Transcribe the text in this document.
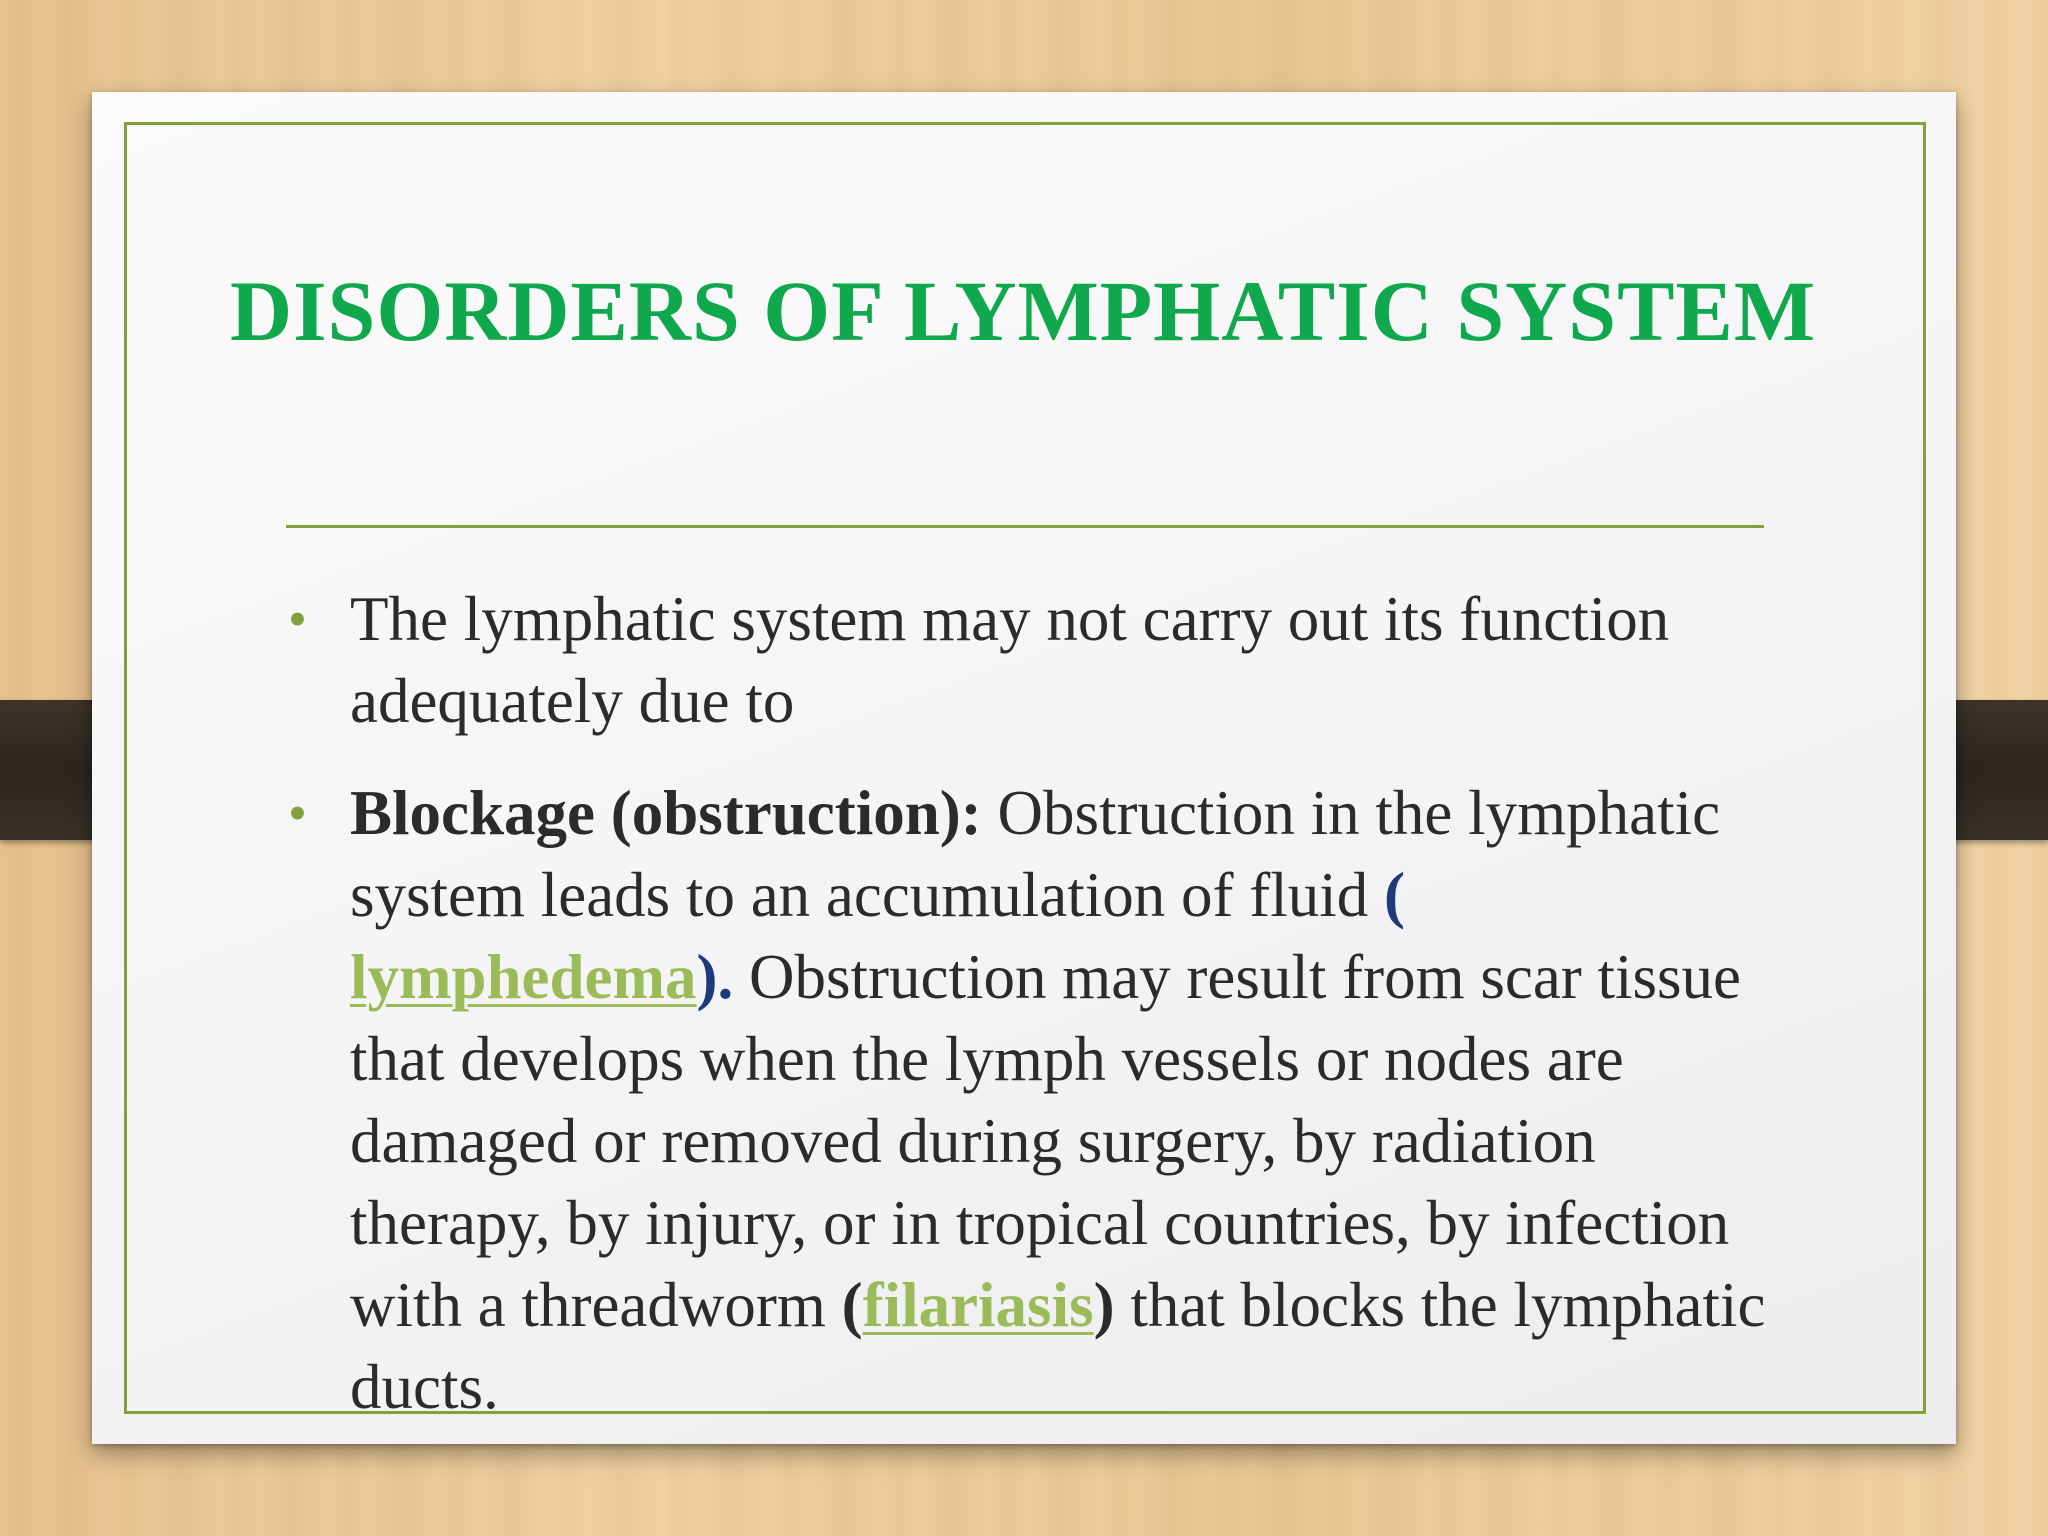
DISORDERS OF LYMPHATIC SYSTEM

• The lymphatic system may not carry out its function adequately due to

• Blockage (obstruction): Obstruction in the lymphatic system leads to an accumulation of fluid (
lymphedema). Obstruction may result from scar tissue that develops when the lymph vessels or nodes are damaged or removed during surgery, by radiation therapy, by injury, or in tropical countries, by infection with a threadworm (filariasis) that blocks the lymphatic ducts.
